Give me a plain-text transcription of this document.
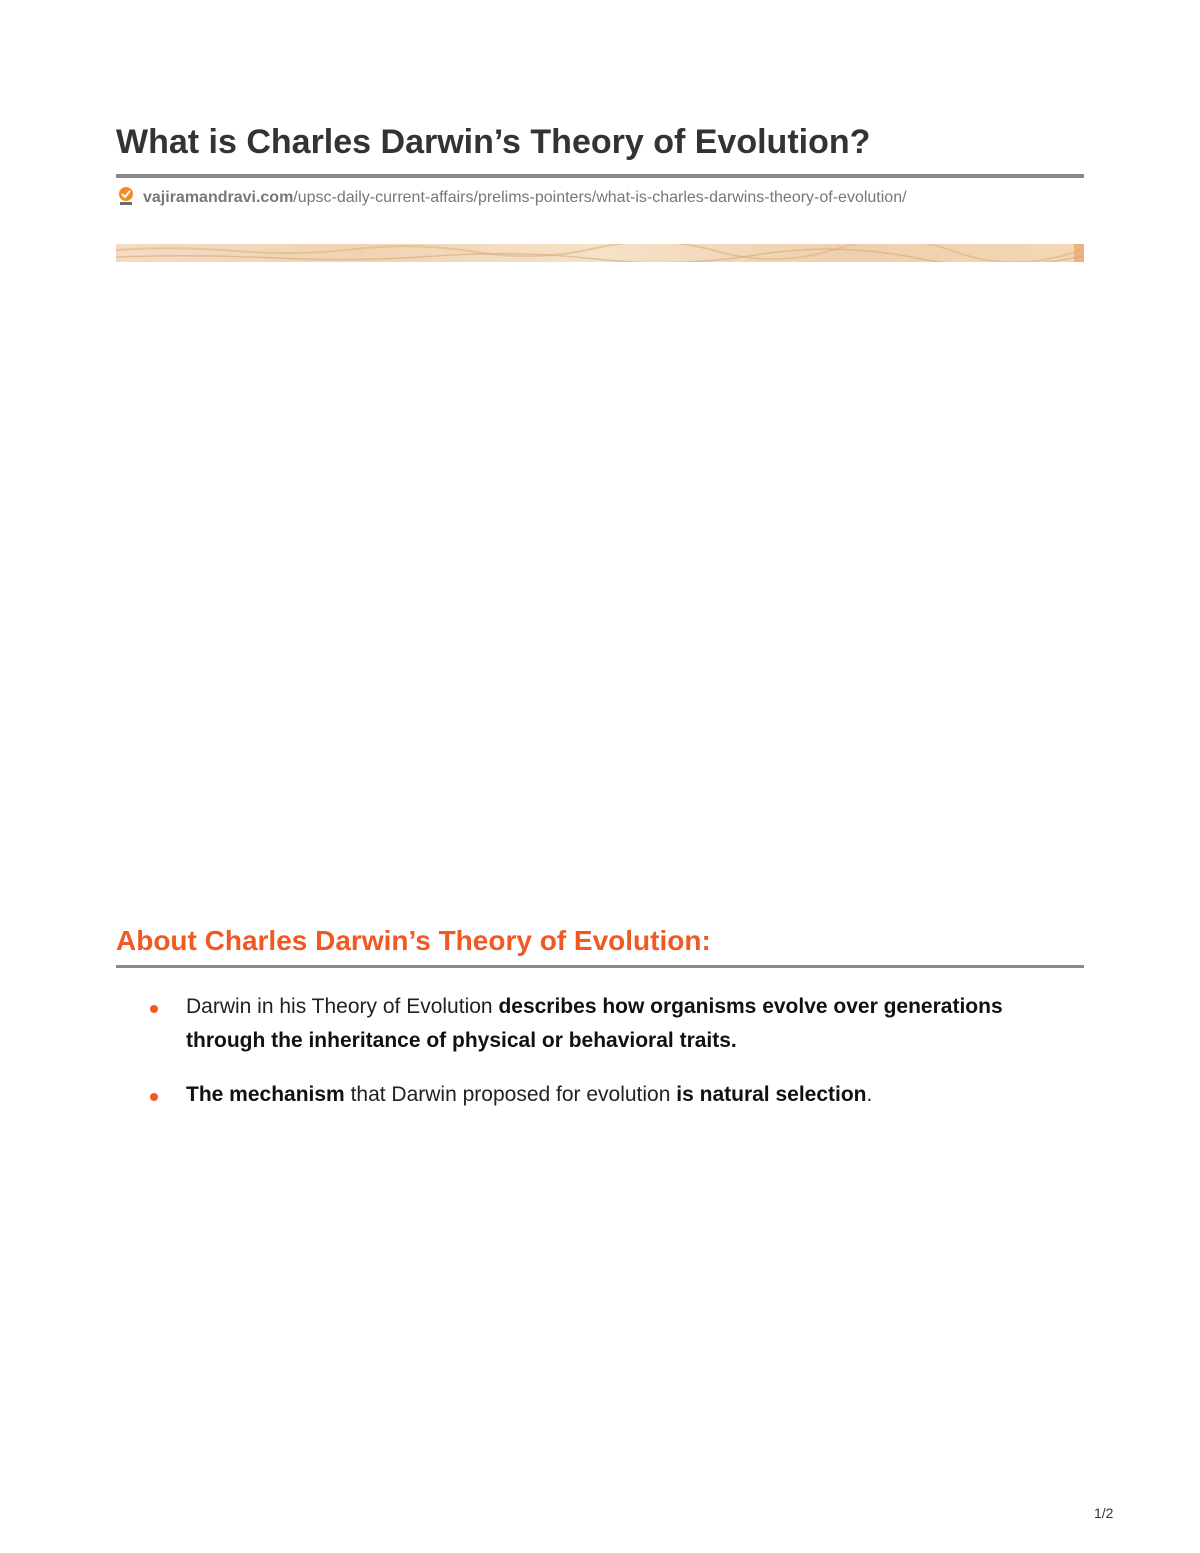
What is Charles Darwin’s Theory of Evolution?
vajiramandravi.com/upsc-daily-current-affairs/prelims-pointers/what-is-charles-darwins-theory-of-evolution/
About Charles Darwin’s Theory of Evolution:
Darwin in his Theory of Evolution describes how organisms evolve over generations through the inheritance of physical or behavioral traits.
The mechanism that Darwin proposed for evolution is natural selection.
1/2
